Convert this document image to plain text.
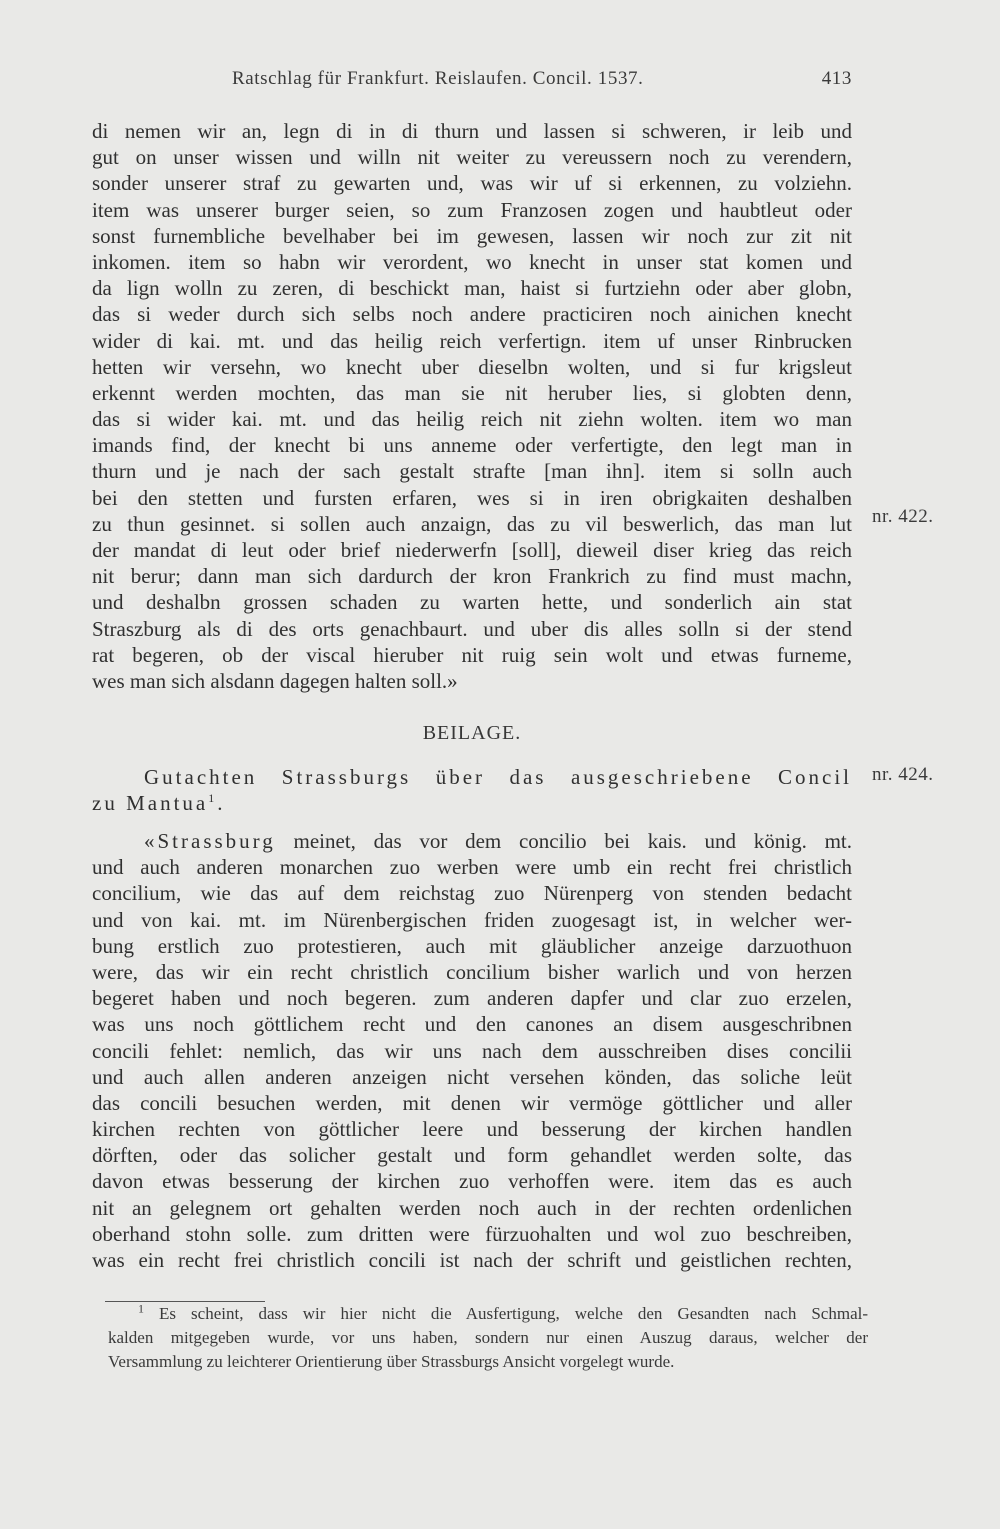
Ratschlag für Frankfurt. Reislaufen. Concil. 1537.	413
di nemen wir an, legn di in di thurn und lassen si schweren, ir leib und
gut on unser wissen und willn nit weiter zu vereussern noch zu verendern,
sonder unserer straf zu gewarten und, was wir uf si erkennen, zu volziehn.
item was unserer burger seien, so zum Franzosen zogen und haubtleut oder
sonst furnembliche bevelhaber bei im gewesen, lassen wir noch zur zit nit
inkomen. item so habn wir verordent, wo knecht in unser stat komen und
da lign wolln zu zeren, di beschickt man, haist si furtziehn oder aber globn,
das si weder durch sich selbs noch andere practiciren noch ainichen knecht
wider di kai. mt. und das heilig reich verfertign. item uf unser Rinbrucken
hetten wir versehn, wo knecht uber dieselbn wolten, und si fur krigsleut
erkennt werden mochten, das man sie nit heruber lies, si globten denn,
das si wider kai. mt. und das heilig reich nit ziehn wolten. item wo man
imands find, der knecht bi uns anneme oder verfertigte, den legt man in
thurn und je nach der sach gestalt strafte [man ihn]. item si solln auch
bei den stetten und fursten erfaren, wes si in iren obrigkaiten deshalben
zu thun gesinnet. si sollen auch anzaign, das zu vil beswerlich, das man lut
der mandat di leut oder brief niederwerfn [soll], dieweil diser krieg das reich
nit berur; dann man sich dardurch der kron Frankrich zu find must machn,
und deshalbn grossen schaden zu warten hette, und sonderlich ain stat
Straszburg als di des orts genachbaurt. und uber dis alles solln si der stend
rat begeren, ob der viscal hieruber nit ruig sein wolt und etwas furneme,
wes man sich alsdann dagegen halten soll.»
nr. 422.
BEILAGE.
Gutachten Strassburgs über das ausgeschriebene Concil
zu Mantua$^1$.
nr. 424.
«Strassburg meinet, das vor dem concilio bei kais. und könig‌. mt.
und auch anderen monarchen zuo werben were umb ein recht frei christlich
concilium, wie das auf dem reichstag zuo Nürenperg von stenden bedacht
und von kai. mt. im Nürenbergischen friden zuogesagt ist, in welcher wer-
bung erstlich zuo protestieren, auch mit gläublicher anzeige darzuothuon
were, das wir ein recht christlich concilium bisher warlich und von herzen
begeret haben und noch begeren. zum anderen dapfer und clar zuo erzelen,
was uns noch göttlichem recht und den canones an disem ausgeschribnen
concili fehlet: nemlich, das wir uns nach dem ausschreiben dises concilii
und auch allen anderen anzeigen nicht versehen könden, das soliche leüt
das concili besuchen werden, mit denen wir vermöge göttlicher und aller
kirchen rechten von göttlicher leere und besserung der kirchen handlen
dörften, oder das solicher gestalt und form gehandlet werden solte, das
davon etwas besserung der kirchen zuo verhoffen were. item das es auch
nit an gelegnem ort gehalten werden noch auch in der rechten ordenlichen
oberhand stohn solle. zum dritten were fürzuohalten und wol zuo beschreiben,
was ein recht frei christlich concili ist nach der schrift und geistlichen rechten,
$^1$ Es scheint, dass wir hier nicht die Ausfertigung, welche den Gesandten nach Schmal-
kalden mitgegeben wurde, vor uns haben, sondern nur einen Auszug daraus, welcher der
Versammlung zu leichterer Orientierung über Strassburgs Ansicht vorgelegt wurde.
